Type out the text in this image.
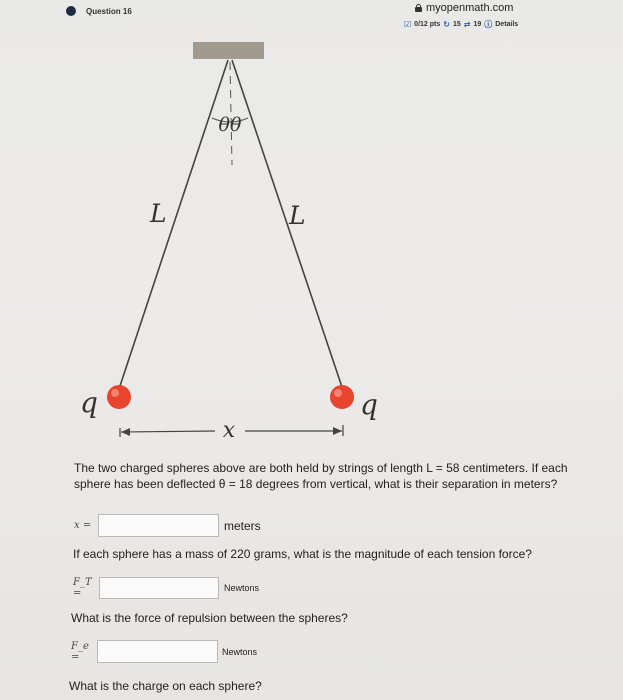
Question 16	myopenmath.com
☑ 0/12 pts ↻ 15 ⇄ 19 ⓘ Details
θθ
L	L
q	q
x
The two charged spheres above are both held by strings of length L = 58 centimeters. If each sphere has been deflected θ = 18 degrees from vertical, what is their separation in meters?
x =	meters
If each sphere has a mass of 220 grams, what is the magnitude of each tension force?
F_T =	Newtons
What is the force of repulsion between the spheres?
F_e =	Newtons
What is the charge on each sphere?
